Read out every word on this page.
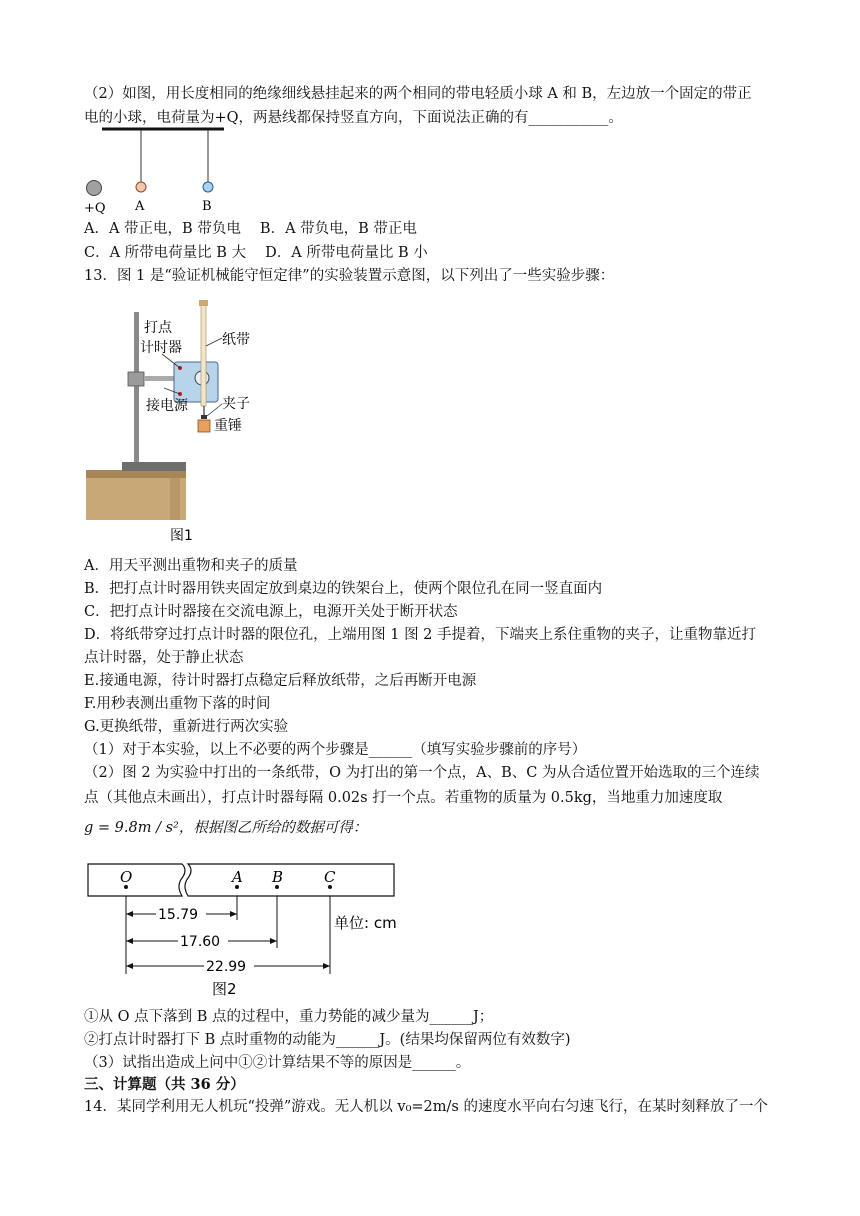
（2）如图，用长度相同的绝缘细线悬挂起来的两个相同的带电轻质小球 A 和 B，左边放一个固定的带正
电的小球，电荷量为+Q，两悬线都保持竖直方向，下面说法正确的有___________。
+Q A	B
A．A 带正电，B 带负电　 B．A 带负电，B 带正电
C．A 所带电荷量比 B 大　 D．A 所带电荷量比 B 小
13．图 1 是“验证机械能守恒定律”的实验装置示意图，以下列出了一些实验步骤：
打点
计时器	纸带
接电源 夹子
重锤
图1
A．用天平测出重物和夹子的质量
B．把打点计时器用铁夹固定放到桌边的铁架台上，使两个限位孔在同一竖直面内
C．把打点计时器接在交流电源上，电源开关处于断开状态
D．将纸带穿过打点计时器的限位孔，上端用图 1 图 2 手提着，下端夹上系住重物的夹子，让重物靠近打
点计时器，处于静止状态
E.接通电源，待计时器打点稳定后释放纸带，之后再断开电源
F.用秒表测出重物下落的时间
G.更换纸带，重新进行两次实验
（1）对于本实验，以上不必要的两个步骤是______（填写实验步骤前的序号）
（2）图 2 为实验中打出的一条纸带，O 为打出的第一个点，A、B、C 为从合适位置开始选取的三个连续
点（其他点未画出），打点计时器每隔 0.02s 打一个点。若重物的质量为 0.5kg，当地重力加速度取
g = 9.8m / s²，根据图乙所给的数据可得：
O	A B	C
15.79
17.60
22.99
单位: cm
图2
①从 O 点下落到 B 点的过程中，重力势能的减少量为______J；
②打点计时器打下 B 点时重物的动能为______J。(结果均保留两位有效数字)
（3）试指出造成上问中①②计算结果不等的原因是______。
三、计算题（共 36 分）
14．某同学利用无人机玩“投弹”游戏。无人机以 v₀=2m/s 的速度水平向右匀速飞行，在某时刻释放了一个
